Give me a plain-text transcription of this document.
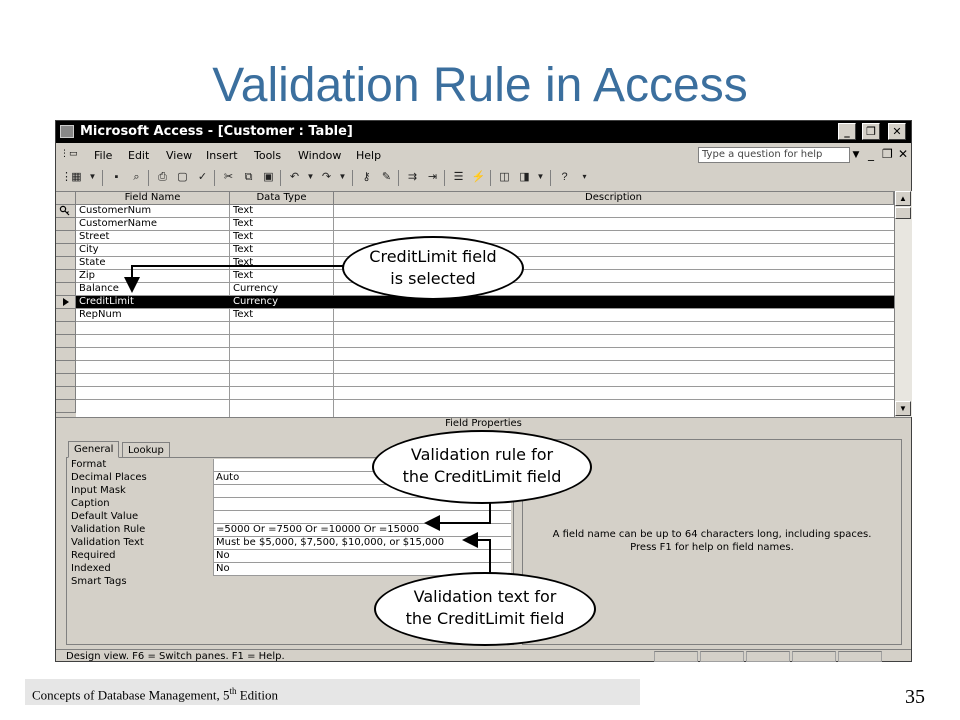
Validation Rule in Access
Microsoft Access - [Customer : Table]	_	❐	✕
⋮▭ File Edit View Insert Tools Window Help	Type a question for help	▼ _ ❐ ✕
⋮ ▦ ▼	▪	⌕	⎙ ▢ ✓	✂	⧉ ▣	↶ ▼ ↷ ▼	⚷	✎	⇉ ⇥	☰ ⚡ ◫ ◨ ▼	?	▾
Field Name	Data Type	Description
CustomerNum	Text
CustomerName	Text
Street	Text
City	Text
State	Text
Zip	Text
Balance	Currency
CreditLimit	Currency
RepNum	Text
▲
▼
Field Properties
General	Lookup
Format
Decimal Places	Auto
Input Mask
Caption
Default Value
Validation Rule	=5000 Or =7500 Or =10000 Or =15000
Validation Text	Must be $5,000, $7,500, $10,000, or $15,000
Required	No
Indexed	No
Smart Tags
A field name can be up to 64 characters long, including spaces.
Press F1 for help on field names.
Design view. F6 = Switch panes. F1 = Help.
CreditLimit field
is selected
Validation rule for
the CreditLimit field
Validation text for
the CreditLimit field
Concepts of Database Management, 5th Edition	35
